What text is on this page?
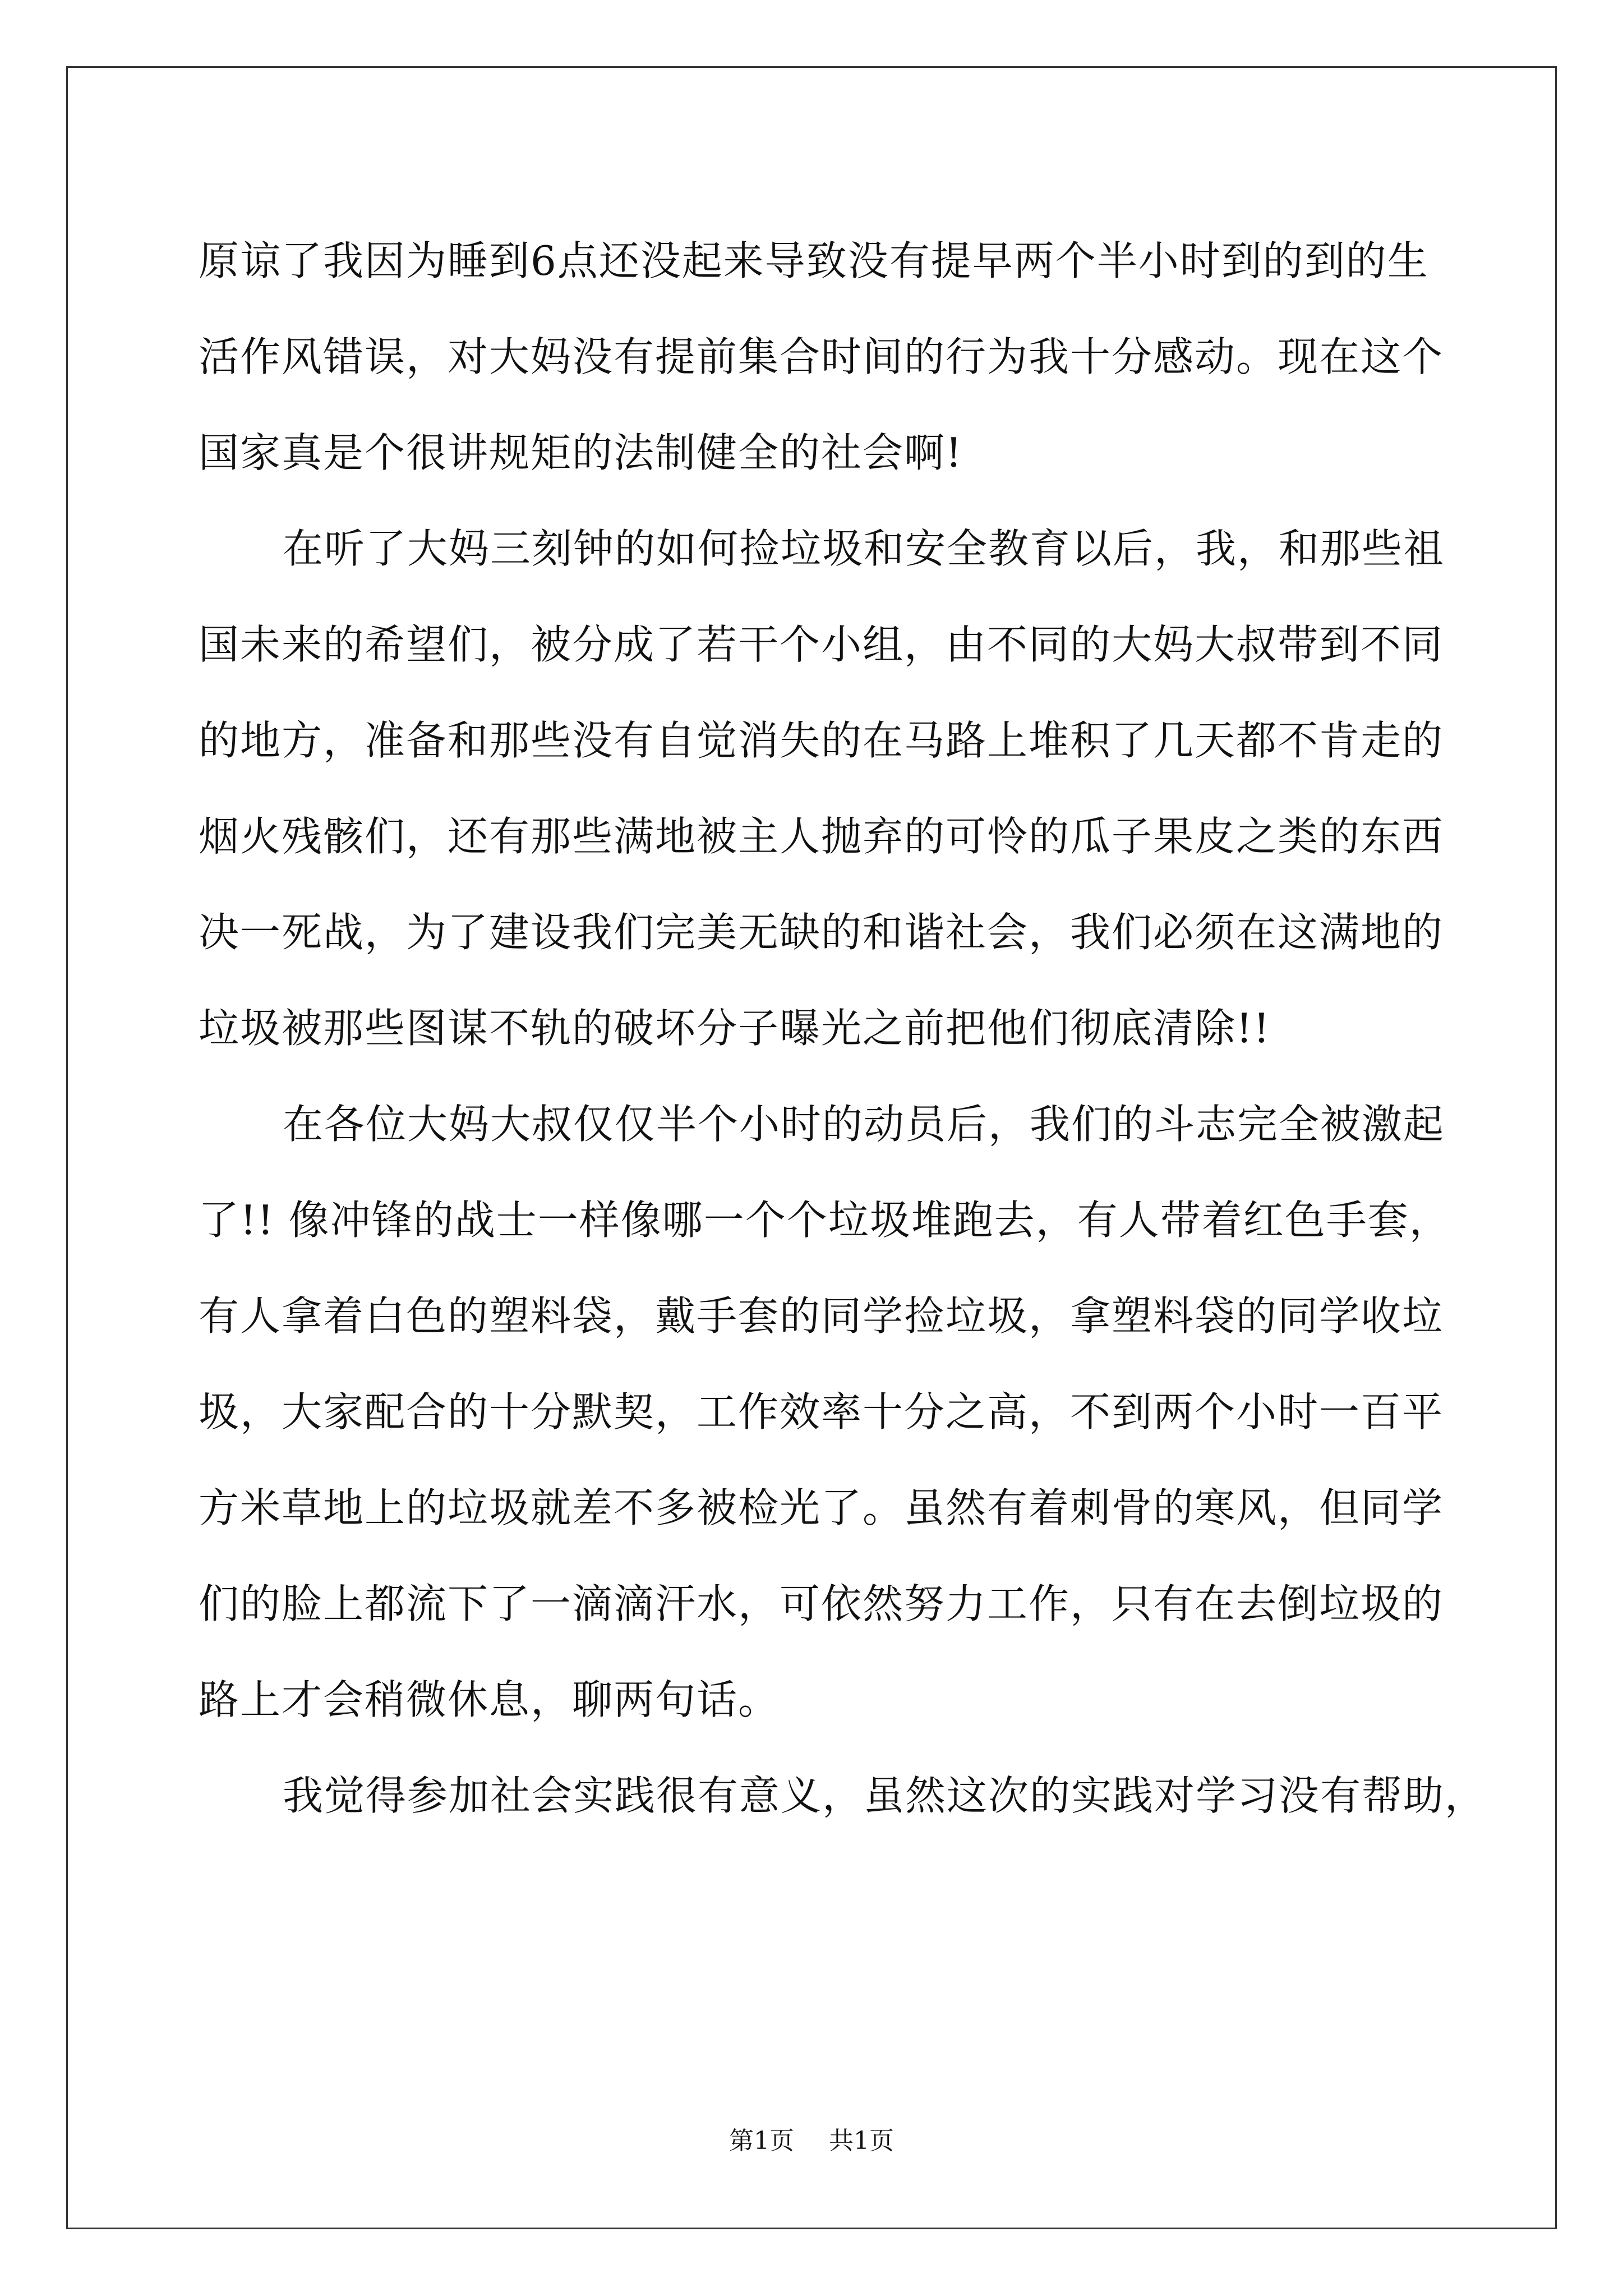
原谅了我因为睡到6点还没起来导致没有提早两个半小时到的到的生
活作风错误，对大妈没有提前集合时间的行为我十分感动。现在这个
国家真是个很讲规矩的法制健全的社会啊!
在听了大妈三刻钟的如何捡垃圾和安全教育以后，我，和那些祖
国未来的希望们，被分成了若干个小组，由不同的大妈大叔带到不同
的地方，准备和那些没有自觉消失的在马路上堆积了几天都不肯走的
烟火残骸们，还有那些满地被主人抛弃的可怜的瓜子果皮之类的东西
决一死战，为了建设我们完美无缺的和谐社会，我们必须在这满地的
垃圾被那些图谋不轨的破坏分子曝光之前把他们彻底清除!!
在各位大妈大叔仅仅半个小时的动员后，我们的斗志完全被激起
了!! 像冲锋的战士一样像哪一个个垃圾堆跑去，有人带着红色手套，
有人拿着白色的塑料袋，戴手套的同学捡垃圾，拿塑料袋的同学收垃
圾，大家配合的十分默契，工作效率十分之高，不到两个小时一百平
方米草地上的垃圾就差不多被检光了。虽然有着刺骨的寒风，但同学
们的脸上都流下了一滴滴汗水，可依然努力工作，只有在去倒垃圾的
路上才会稍微休息，聊两句话。
我觉得参加社会实践很有意义，虽然这次的实践对学习没有帮助，
第1页 共1页
